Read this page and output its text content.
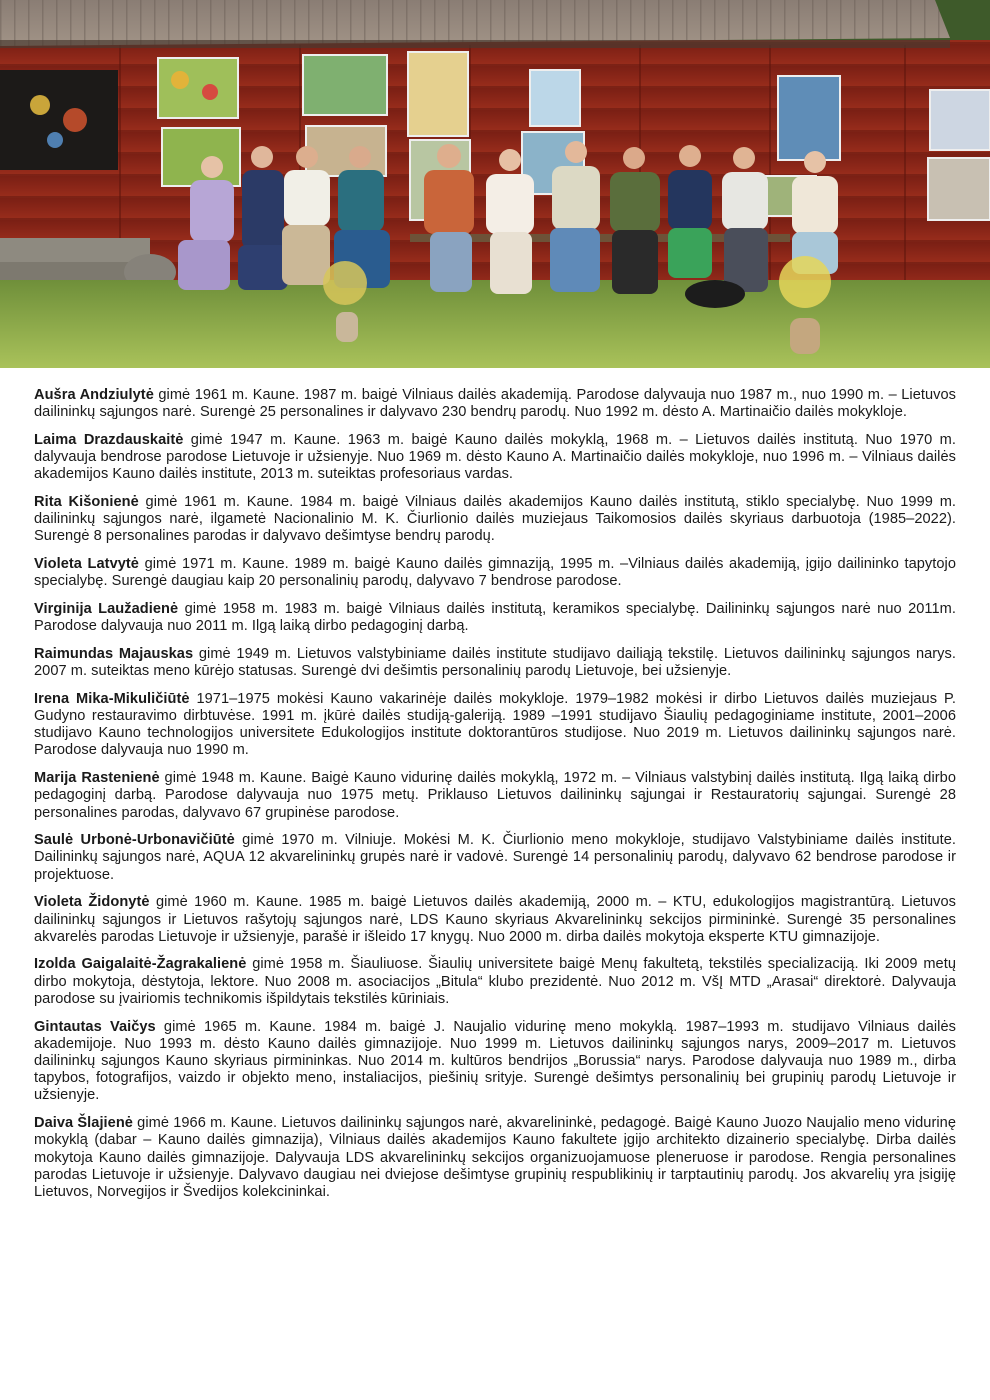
Aušra Andziulytė gimė 1961 m. Kaune. 1987 m. baigė Vilniaus dailės akademiją. Parodose dalyvauja nuo 1987 m., nuo 1990 m. – Lietuvos dailininkų sąjungos narė. Surengė 25 personalines ir dalyvavo 230 bendrų parodų. Nuo 1992 m. dėsto A. Martinaičio dailės mokykloje.

Laima Drazdauskaitė gimė 1947 m. Kaune. 1963 m. baigė Kauno dailės mokyklą, 1968 m. – Lietuvos dailės institutą. Nuo 1970 m. dalyvauja bendrose parodose Lietuvoje ir užsienyje. Nuo 1969 m. dėsto Kauno A. Martinaičio dailės mokykloje, nuo 1996 m. – Vilniaus dailės akademijos Kauno dailės institute, 2013 m. suteiktas profesoriaus vardas.

Rita Kišonienė gimė 1961 m. Kaune. 1984 m. baigė Vilniaus dailės akademijos Kauno dailės institutą, stiklo specialybę. Nuo 1999 m. dailininkų sąjungos narė, ilgametė Nacionalinio M. K. Čiurlionio dailės muziejaus Taikomosios dailės skyriaus darbuotoja (1985–2022). Surengė 8 personalines parodas ir dalyvavo dešimtyse bendrų parodų.

Violeta Latvytė gimė 1971 m. Kaune. 1989 m. baigė Kauno dailės gimnaziją, 1995 m. –Vilniaus dailės akademiją, įgijo dailininko tapytojo specialybę. Surengė daugiau kaip 20 personalinių parodų, dalyvavo 7 bendrose parodose.

Virginija Laužadienė gimė 1958 m. 1983 m. baigė Vilniaus dailės institutą, keramikos specialybę. Dailininkų sąjungos narė nuo 2011m. Parodose dalyvauja nuo 2011 m. Ilgą laiką dirbo pedagoginį darbą.

Raimundas Majauskas gimė 1949 m. Lietuvos valstybiniame dailės institute studijavo dailiąją tekstilę. Lietuvos dailininkų sąjungos narys. 2007 m. suteiktas meno kūrėjo statusas. Surengė dvi dešimtis personalinių parodų Lietuvoje, bei užsienyje.

Irena Mika-Mikuličiūtė 1971–1975 mokėsi Kauno vakarinėje dailės mokykloje. 1979–1982 mokėsi ir dirbo Lietuvos dailės muziejaus P. Gudyno restauravimo dirbtuvėse. 1991 m. įkūrė dailės studiją-galeriją. 1989 –1991 studijavo Šiaulių pedagoginiame institute, 2001–2006 studijavo Kauno technologijos universitete Edukologijos institute doktorantūros studijose. Nuo 2019 m. Lietuvos dailininkų sąjungos narė. Parodose dalyvauja nuo 1990 m.

Marija Rastenienė gimė 1948 m. Kaune. Baigė Kauno vidurinę dailės mokyklą, 1972 m. – Vilniaus valstybinį dailės institutą. Ilgą laiką dirbo pedagoginį darbą. Parodose dalyvauja nuo 1975 metų. Priklauso Lietuvos dailininkų sąjungai ir Restauratorių sąjungai. Surengė 28 personalines parodas, dalyvavo 67 grupinėse parodose.

Saulė Urbonė-Urbonavičiūtė gimė 1970 m. Vilniuje. Mokėsi M. K. Čiurlionio meno mokykloje, studijavo Valstybiniame dailės institute. Dailininkų sąjungos narė, AQUA 12 akvarelininkų grupės narė ir vadovė. Surengė 14 personalinių parodų, dalyvavo 62 bendrose parodose ir projektuose.

Violeta Židonytė gimė 1960 m. Kaune. 1985 m. baigė Lietuvos dailės akademiją, 2000 m. – KTU, edukologijos magistrantūrą. Lietuvos dailininkų sąjungos ir Lietuvos rašytojų sąjungos narė, LDS Kauno skyriaus Akvarelininkų sekcijos pirmininkė. Surengė 35 personalines akvarelės parodas Lietuvoje ir užsienyje, parašė ir išleido 17 knygų. Nuo 2000 m. dirba dailės mokytoja eksperte KTU gimnazijoje.

Izolda Gaigalaitė-Žagrakalienė gimė 1958 m. Šiauliuose. Šiaulių universitete baigė Menų fakultetą, tekstilės specializaciją. Iki 2009 metų dirbo mokytoja, dėstytoja, lektore. Nuo 2008 m. asociacijos „Bitula“ klubo prezidentė. Nuo 2012 m. VšĮ MTD „Arasai“ direktorė. Dalyvauja parodose su įvairiomis technikomis išpildytais tekstilės kūriniais.

Gintautas Vaičys gimė 1965 m. Kaune. 1984 m. baigė J. Naujalio vidurinę meno mokyklą. 1987–1993 m. studijavo Vilniaus dailės akademijoje. Nuo 1993 m. dėsto Kauno dailės gimnazijoje. Nuo 1999 m. Lietuvos dailininkų sąjungos narys, 2009–2017 m. Lietuvos dailininkų sąjungos Kauno skyriaus pirmininkas. Nuo 2014 m. kultūros bendrijos „Borussia“ narys. Parodose dalyvauja nuo 1989 m., dirba tapybos, fotografijos, vaizdo ir objekto meno, instaliacijos, piešinių srityje. Surengė dešimtys personalinių bei grupinių parodų Lietuvoje ir užsienyje.

Daiva Šlajienė gimė 1966 m. Kaune. Lietuvos dailininkų sąjungos narė, akvarelininkė, pedagogė. Baigė Kauno Juozo Naujalio meno vidurinę mokyklą (dabar – Kauno dailės gimnazija), Vilniaus dailės akademijos Kauno fakultete įgijo architekto dizainerio specialybę. Dirba dailės mokytoja Kauno dailės gimnazijoje. Dalyvauja LDS akvarelininkų sekcijos organizuojamuose pleneruose ir parodose. Rengia personalines parodas Lietuvoje ir užsienyje. Dalyvavo daugiau nei dviejose dešimtyse grupinių respublikinių ir tarptautinių parodų. Jos akvarelių yra įsigiję Lietuvos, Norvegijos ir Švedijos kolekcininkai.
